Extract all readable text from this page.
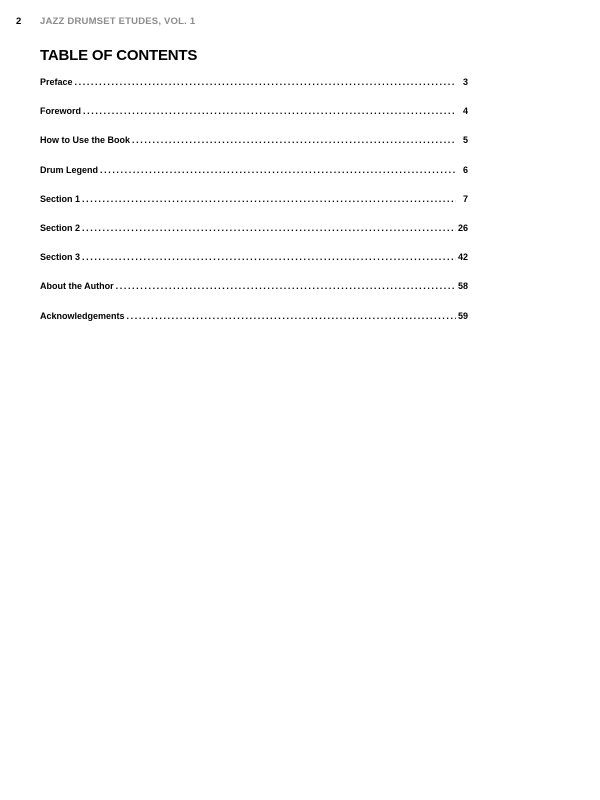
2	JAZZ DRUMSET ETUDES, VOL. 1
TABLE OF CONTENTS
Preface . . .	3
Foreword . . .	4
How to Use the Book . . .	5
Drum Legend . . .	6
Section 1 . . .	7
Section 2 . . .	26
Section 3 . . .	42
About the Author . . .	58
Acknowledgements . . .	59
